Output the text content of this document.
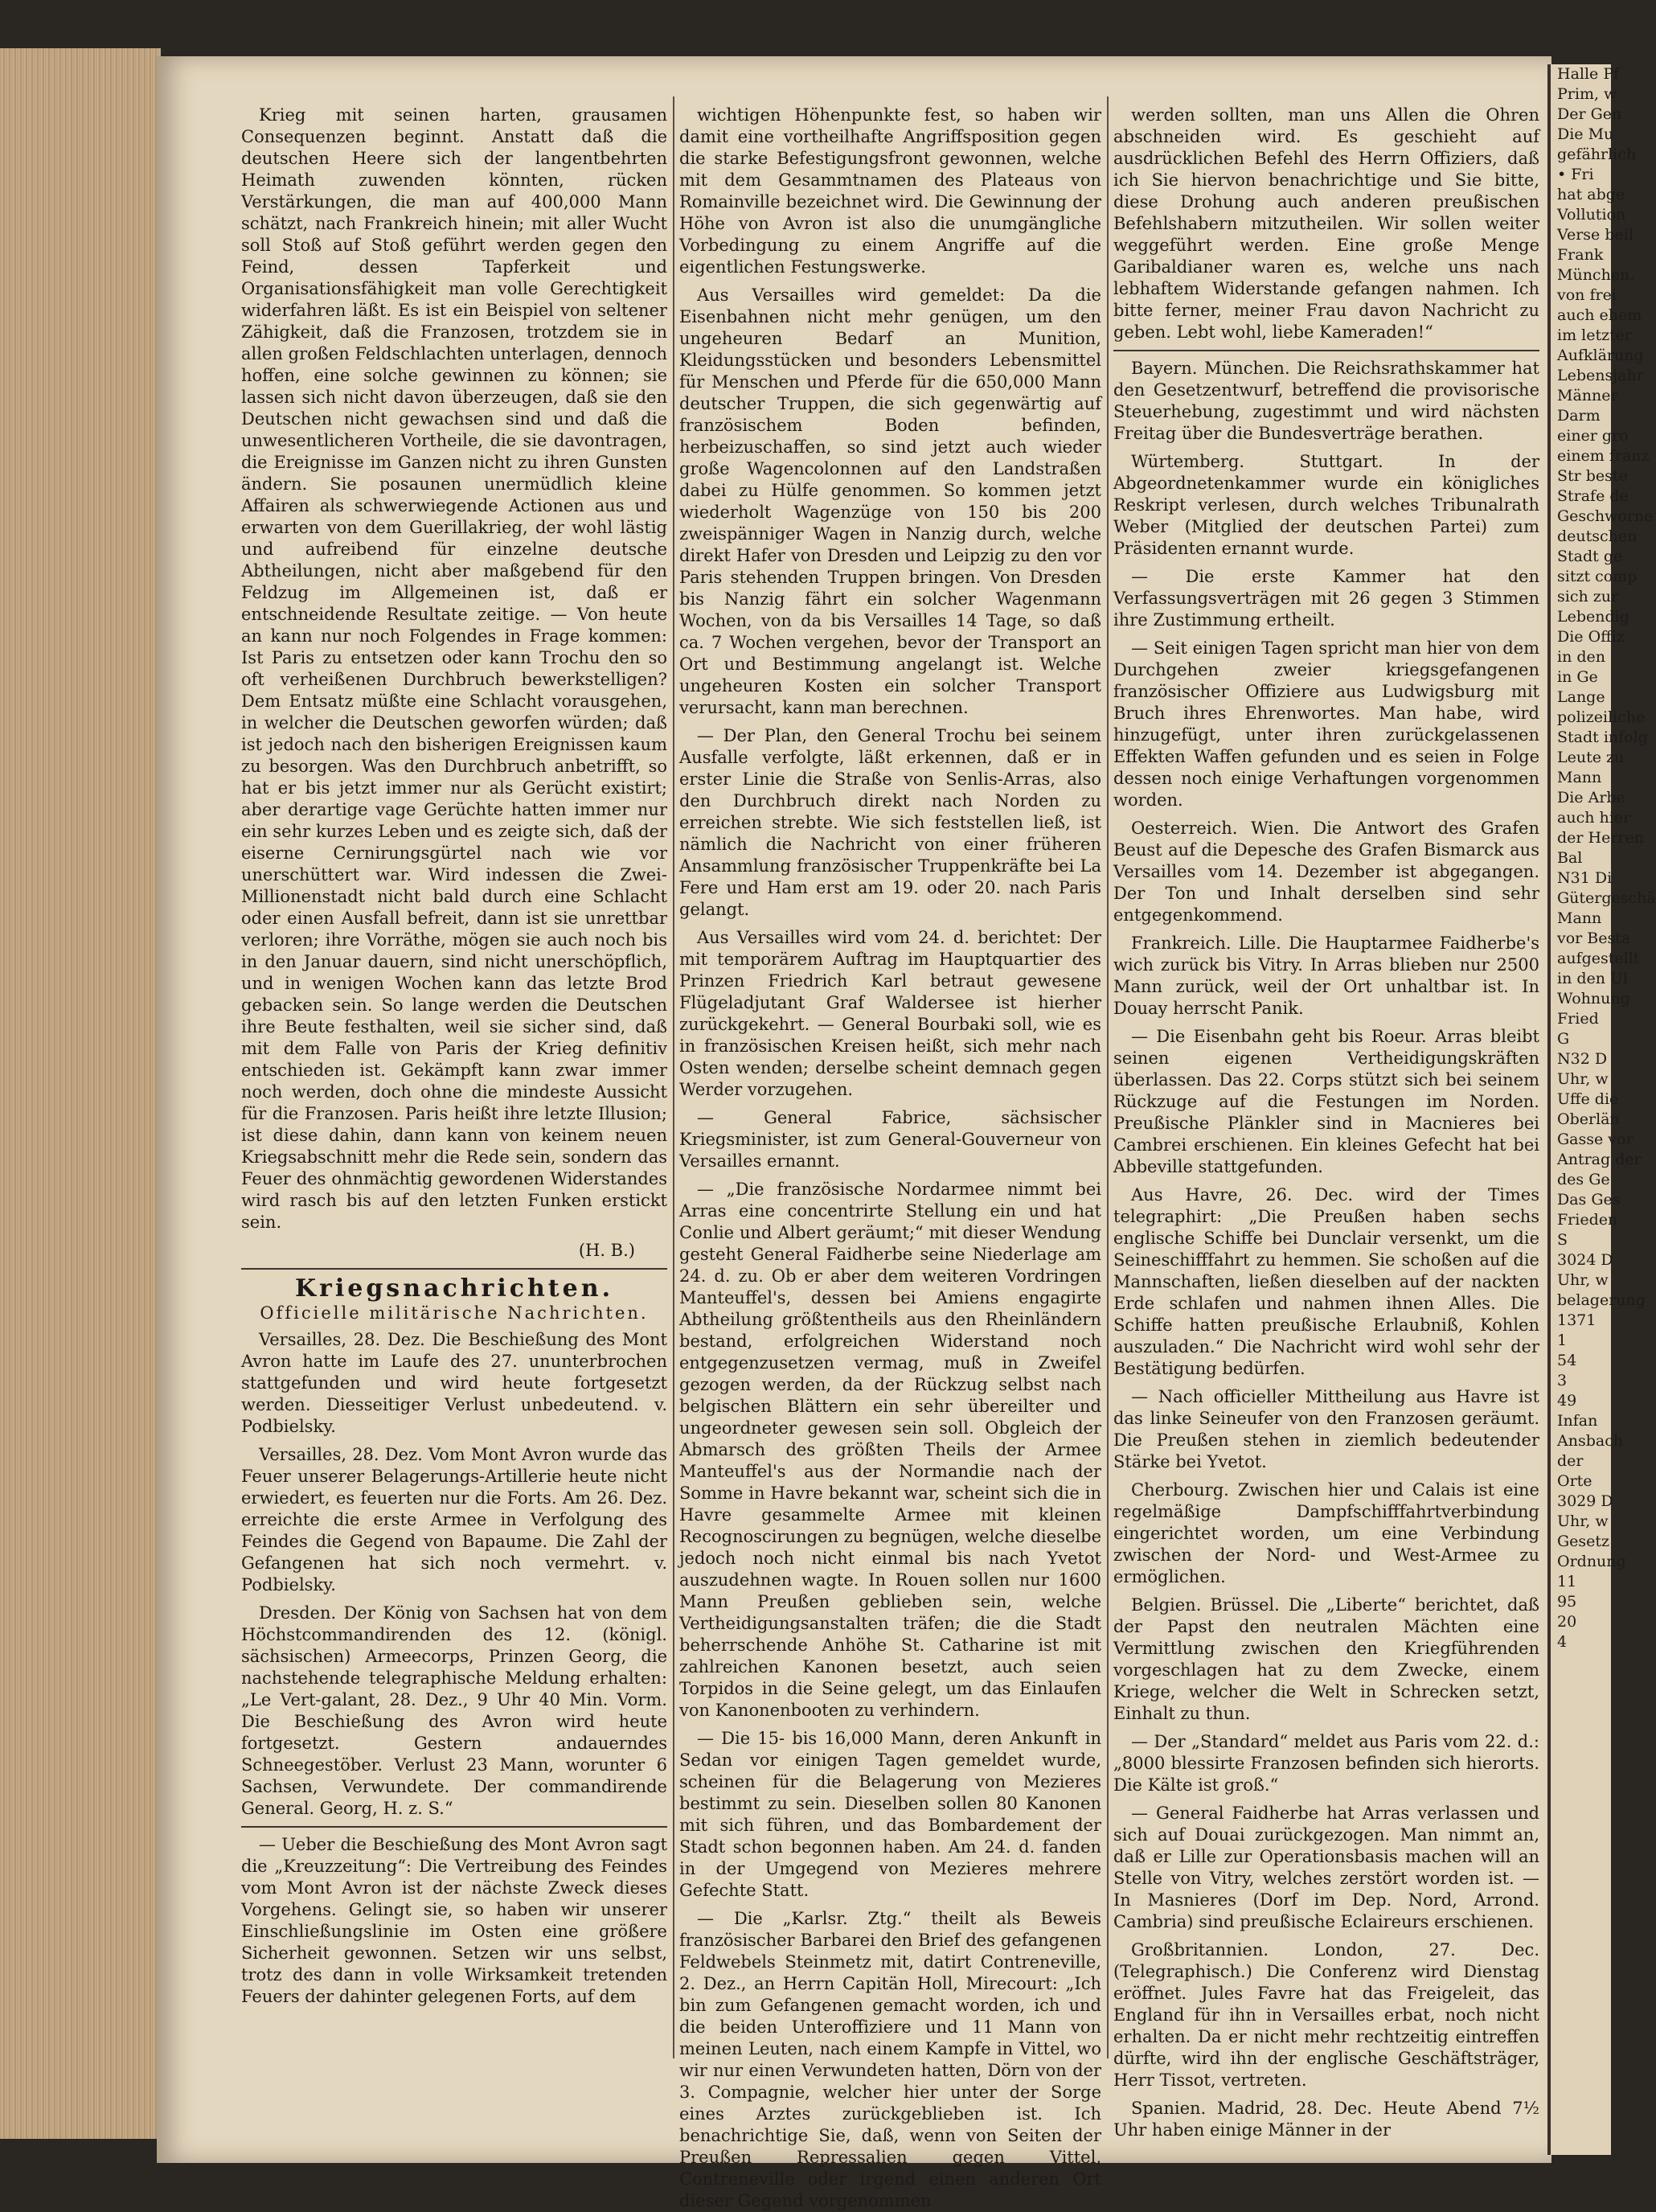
Krieg mit seinen harten, grausamen Consequenzen beginnt. Anstatt daß die deutschen Heere sich der langentbehrten Heimath zuwenden könnten, rücken Verstärkungen, die man auf 400,000 Mann schätzt, nach Frankreich hinein; mit aller Wucht soll Stoß auf Stoß geführt werden gegen den Feind, dessen Tapferkeit und Organisationsfähigkeit man volle Gerechtigkeit widerfahren läßt. Es ist ein Beispiel von seltener Zähigkeit, daß die Franzosen, trotzdem sie in allen großen Feldschlachten unterlagen, dennoch hoffen, eine solche gewinnen zu können; sie lassen sich nicht davon überzeugen, daß sie den Deutschen nicht gewachsen sind und daß die unwesentlicheren Vortheile, die sie davontragen, die Ereignisse im Ganzen nicht zu ihren Gunsten ändern. Sie posaunen unermüdlich kleine Affairen als schwerwiegende Actionen aus und erwarten von dem Guerillakrieg, der wohl lästig und aufreibend für einzelne deutsche Abtheilungen, nicht aber maßgebend für den Feldzug im Allgemeinen ist, daß er entschneidende Resultate zeitige. — Von heute an kann nur noch Folgendes in Frage kommen: Ist Paris zu entsetzen oder kann Trochu den so oft verheißenen Durchbruch bewerkstelligen? Dem Entsatz müßte eine Schlacht vorausgehen, in welcher die Deutschen geworfen würden; daß ist jedoch nach den bisherigen Ereignissen kaum zu besorgen. Was den Durchbruch anbetrifft, so hat er bis jetzt immer nur als Gerücht existirt; aber derartige vage Gerüchte hatten immer nur ein sehr kurzes Leben und es zeigte sich, daß der eiserne Cernirungsgürtel nach wie vor unerschüttert war. Wird indessen die Zwei-Millionenstadt nicht bald durch eine Schlacht oder einen Ausfall befreit, dann ist sie unrettbar verloren; ihre Vorräthe, mögen sie auch noch bis in den Januar dauern, sind nicht unerschöpflich, und in wenigen Wochen kann das letzte Brod gebacken sein. So lange werden die Deutschen ihre Beute festhalten, weil sie sicher sind, daß mit dem Falle von Paris der Krieg definitiv entschieden ist. Gekämpft kann zwar immer noch werden, doch ohne die mindeste Aussicht für die Franzosen. Paris heißt ihre letzte Illusion; ist diese dahin, dann kann von keinem neuen Kriegsabschnitt mehr die Rede sein, sondern das Feuer des ohnmächtig gewordenen Widerstandes wird rasch bis auf den letzten Funken erstickt sein.

(H. B.)

Kriegsnachrichten.

Officielle militärische Nachrichten.

Versailles, 28. Dez. Die Beschießung des Mont Avron hatte im Laufe des 27. ununterbrochen stattgefunden und wird heute fortgesetzt werden. Diesseitiger Verlust unbedeutend. v. Podbielsky.

Versailles, 28. Dez. Vom Mont Avron wurde das Feuer unserer Belagerungs-Artillerie heute nicht erwiedert, es feuerten nur die Forts. Am 26. Dez. erreichte die erste Armee in Verfolgung des Feindes die Gegend von Bapaume. Die Zahl der Gefangenen hat sich noch vermehrt. v. Podbielsky.

Dresden. Der König von Sachsen hat von dem Höchstcommandirenden des 12. (königl. sächsischen) Armeecorps, Prinzen Georg, die nachstehende telegraphische Meldung erhalten: „Le Vert-galant, 28. Dez., 9 Uhr 40 Min. Vorm. Die Beschießung des Avron wird heute fortgesetzt. Gestern andauerndes Schneegestöber. Verlust 23 Mann, worunter 6 Sachsen, Verwundete. Der commandirende General. Georg, H. z. S.“

— Ueber die Beschießung des Mont Avron sagt die „Kreuzzeitung“: Die Vertreibung des Feindes vom Mont Avron ist der nächste Zweck dieses Vorgehens. Gelingt sie, so haben wir unserer Einschließungslinie im Osten eine größere Sicherheit gewonnen. Setzen wir uns selbst, trotz des dann in volle Wirksamkeit tretenden Feuers der dahinter gelegenen Forts, auf dem

wichtigen Höhenpunkte fest, so haben wir damit eine vortheilhafte Angriffsposition gegen die starke Befestigungsfront gewonnen, welche mit dem Gesammtnamen des Plateaus von Romainville bezeichnet wird. Die Gewinnung der Höhe von Avron ist also die unumgängliche Vorbedingung zu einem Angriffe auf die eigentlichen Festungswerke.

Aus Versailles wird gemeldet: Da die Eisenbahnen nicht mehr genügen, um den ungeheuren Bedarf an Munition, Kleidungsstücken und besonders Lebensmittel für Menschen und Pferde für die 650,000 Mann deutscher Truppen, die sich gegenwärtig auf französischem Boden befinden, herbeizuschaffen, so sind jetzt auch wieder große Wagencolonnen auf den Landstraßen dabei zu Hülfe genommen. So kommen jetzt wiederholt Wagenzüge von 150 bis 200 zweispänniger Wagen in Nanzig durch, welche direkt Hafer von Dresden und Leipzig zu den vor Paris stehenden Truppen bringen. Von Dresden bis Nanzig fährt ein solcher Wagenmann Wochen, von da bis Versailles 14 Tage, so daß ca. 7 Wochen vergehen, bevor der Transport an Ort und Bestimmung angelangt ist. Welche ungeheuren Kosten ein solcher Transport verursacht, kann man berechnen.

— Der Plan, den General Trochu bei seinem Ausfalle verfolgte, läßt erkennen, daß er in erster Linie die Straße von Senlis-Arras, also den Durchbruch direkt nach Norden zu erreichen strebte. Wie sich feststellen ließ, ist nämlich die Nachricht von einer früheren Ansammlung französischer Truppenkräfte bei La Fere und Ham erst am 19. oder 20. nach Paris gelangt.

Aus Versailles wird vom 24. d. berichtet: Der mit temporärem Auftrag im Hauptquartier des Prinzen Friedrich Karl betraut gewesene Flügeladjutant Graf Waldersee ist hierher zurückgekehrt. — General Bourbaki soll, wie es in französischen Kreisen heißt, sich mehr nach Osten wenden; derselbe scheint demnach gegen Werder vorzugehen.

— General Fabrice, sächsischer Kriegsminister, ist zum General-Gouverneur von Versailles ernannt.

— „Die französische Nordarmee nimmt bei Arras eine concentrirte Stellung ein und hat Conlie und Albert geräumt;“ mit dieser Wendung gesteht General Faidherbe seine Niederlage am 24. d. zu. Ob er aber dem weiteren Vordringen Manteuffel's, dessen bei Amiens engagirte Abtheilung größtentheils aus den Rheinländern bestand, erfolgreichen Widerstand noch entgegenzusetzen vermag, muß in Zweifel gezogen werden, da der Rückzug selbst nach belgischen Blättern ein sehr übereilter und ungeordneter gewesen sein soll. Obgleich der Abmarsch des größten Theils der Armee Manteuffel's aus der Normandie nach der Somme in Havre bekannt war, scheint sich die in Havre gesammelte Armee mit kleinen Recognoscirungen zu begnügen, welche dieselbe jedoch noch nicht einmal bis nach Yvetot auszudehnen wagte. In Rouen sollen nur 1600 Mann Preußen geblieben sein, welche Vertheidigungsanstalten träfen; die die Stadt beherrschende Anhöhe St. Catharine ist mit zahlreichen Kanonen besetzt, auch seien Torpidos in die Seine gelegt, um das Einlaufen von Kanonenbooten zu verhindern.

— Die 15- bis 16,000 Mann, deren Ankunft in Sedan vor einigen Tagen gemeldet wurde, scheinen für die Belagerung von Mezieres bestimmt zu sein. Dieselben sollen 80 Kanonen mit sich führen, und das Bombardement der Stadt schon begonnen haben. Am 24. d. fanden in der Umgegend von Mezieres mehrere Gefechte Statt.

— Die „Karlsr. Ztg.“ theilt als Beweis französischer Barbarei den Brief des gefangenen Feldwebels Steinmetz mit, datirt Contreneville, 2. Dez., an Herrn Capitän Holl, Mirecourt: „Ich bin zum Gefangenen gemacht worden, ich und die beiden Unteroffiziere und 11 Mann von meinen Leuten, nach einem Kampfe in Vittel, wo wir nur einen Verwundeten hatten, Dörn von der 3. Compagnie, welcher hier unter der Sorge eines Arztes zurückgeblieben ist. Ich benachrichtige Sie, daß, wenn von Seiten der Preußen Repressalien gegen Vittel, Contreneville oder irgend einen anderen Ort dieser Gegend vorgenommen

werden sollten, man uns Allen die Ohren abschneiden wird. Es geschieht auf ausdrücklichen Befehl des Herrn Offiziers, daß ich Sie hiervon benachrichtige und Sie bitte, diese Drohung auch anderen preußischen Befehlshabern mitzutheilen. Wir sollen weiter weggeführt werden. Eine große Menge Garibaldianer waren es, welche uns nach lebhaftem Widerstande gefangen nahmen. Ich bitte ferner, meiner Frau davon Nachricht zu geben. Lebt wohl, liebe Kameraden!“

Bayern. München. Die Reichsrathskammer hat den Gesetzentwurf, betreffend die provisorische Steuerhebung, zugestimmt und wird nächsten Freitag über die Bundesverträge berathen.

Würtemberg. Stuttgart. In der Abgeordnetenkammer wurde ein königliches Reskript verlesen, durch welches Tribunalrath Weber (Mitglied der deutschen Partei) zum Präsidenten ernannt wurde.

— Die erste Kammer hat den Verfassungsverträgen mit 26 gegen 3 Stimmen ihre Zustimmung ertheilt.

— Seit einigen Tagen spricht man hier von dem Durchgehen zweier kriegsgefangenen französischer Offiziere aus Ludwigsburg mit Bruch ihres Ehrenwortes. Man habe, wird hinzugefügt, unter ihren zurückgelassenen Effekten Waffen gefunden und es seien in Folge dessen noch einige Verhaftungen vorgenommen worden.

Oesterreich. Wien. Die Antwort des Grafen Beust auf die Depesche des Grafen Bismarck aus Versailles vom 14. Dezember ist abgegangen. Der Ton und Inhalt derselben sind sehr entgegenkommend.

Frankreich. Lille. Die Hauptarmee Faidherbe's wich zurück bis Vitry. In Arras blieben nur 2500 Mann zurück, weil der Ort unhaltbar ist. In Douay herrscht Panik.

— Die Eisenbahn geht bis Roeur. Arras bleibt seinen eigenen Vertheidigungskräften überlassen. Das 22. Corps stützt sich bei seinem Rückzuge auf die Festungen im Norden. Preußische Plänkler sind in Macnieres bei Cambrei erschienen. Ein kleines Gefecht hat bei Abbeville stattgefunden.

Aus Havre, 26. Dec. wird der Times telegraphirt: „Die Preußen haben sechs englische Schiffe bei Dunclair versenkt, um die Seineschifffahrt zu hemmen. Sie schoßen auf die Mannschaften, ließen dieselben auf der nackten Erde schlafen und nahmen ihnen Alles. Die Schiffe hatten preußische Erlaubniß, Kohlen auszuladen.“ Die Nachricht wird wohl sehr der Bestätigung bedürfen.

— Nach officieller Mittheilung aus Havre ist das linke Seineufer von den Franzosen geräumt. Die Preußen stehen in ziemlich bedeutender Stärke bei Yvetot.

Cherbourg. Zwischen hier und Calais ist eine regelmäßige Dampfschifffahrtverbindung eingerichtet worden, um eine Verbindung zwischen der Nord- und West-Armee zu ermöglichen.

Belgien. Brüssel. Die „Liberte“ berichtet, daß der Papst den neutralen Mächten eine Vermittlung zwischen den Kriegführenden vorgeschlagen hat zu dem Zwecke, einem Kriege, welcher die Welt in Schrecken setzt, Einhalt zu thun.

— Der „Standard“ meldet aus Paris vom 22. d.: „8000 blessirte Franzosen befinden sich hierorts. Die Kälte ist groß.“

— General Faidherbe hat Arras verlassen und sich auf Douai zurückgezogen. Man nimmt an, daß er Lille zur Operationsbasis machen will an Stelle von Vitry, welches zerstört worden ist. — In Masnieres (Dorf im Dep. Nord, Arrond. Cambria) sind preußische Eclaireurs erschienen.

Großbritannien. London, 27. Dec. (Telegraphisch.) Die Conferenz wird Dienstag eröffnet. Jules Favre hat das Freigeleit, das England für ihn in Versailles erbat, noch nicht erhalten. Da er nicht mehr rechtzeitig eintreffen dürfte, wird ihn der englische Geschäftsträger, Herr Tissot, vertreten.

Spanien. Madrid, 28. Dec. Heute Abend 7½ Uhr haben einige Männer in der

Halle Pf
Prim, w
Der Gen
Die Mu
gefährlich
• Fri
hat abge
Vollution
Verse beil
Frank
München.
von frei
auch ehem
im letzter
Aufklärung
Lebensjahr
Männer
Darm
einer gro
einem franz
Str beste
Strafe de
Geschworne
deutschen
Stadt ge
sitzt comp
sich zur
Lebendig
Die Offiz
in den
in Ge
Lange
polizeiliche
Stadt infolg
Leute zu
Mann
Die Arbe
auch hier
der Herren
Bal
N31 Di
Gütergeschä
Mann
vor Besta
aufgestellt
in den Ul
Wohnung
Fried
G
N32 D
Uhr, w
Uffe die
Oberlän
Gasse vor
Antrag der
des Ge
Das Ges
Frieden
S
3024 D
Uhr, w
belagerung
1371
1
54
3
49
Infan
Ansbach
der
Orte
3029 D
Uhr, w
Gesetz
Ordnung
11
95
20
4
